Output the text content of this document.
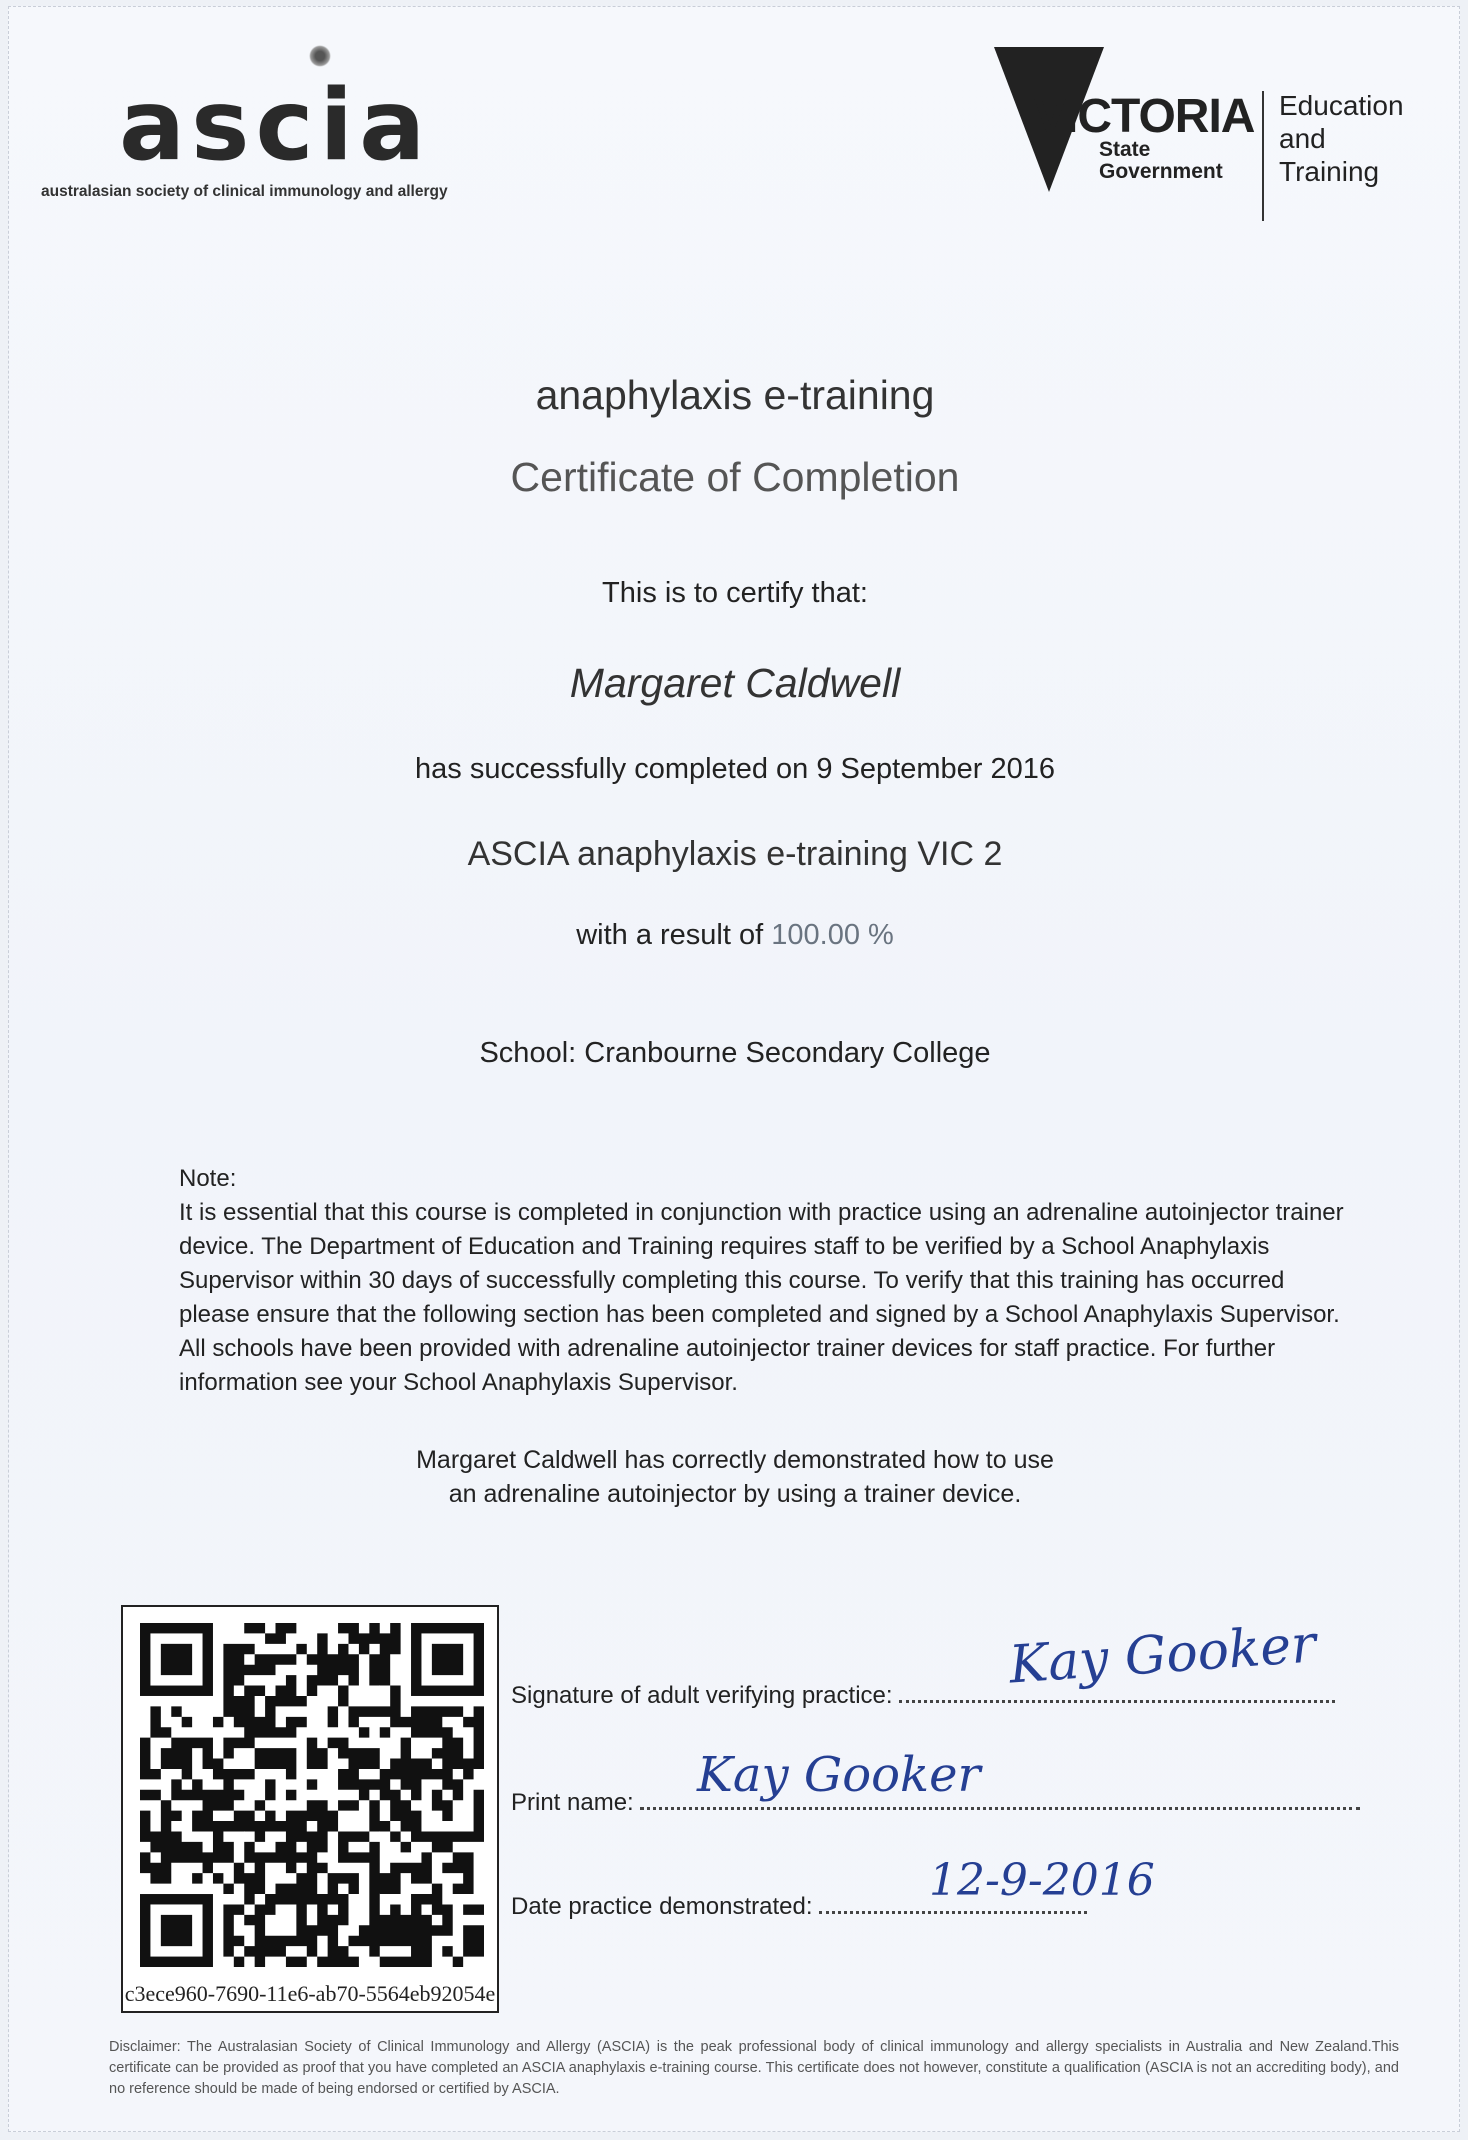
ascia
australasian society of clinical immunology and allergy
VICTORIA
State
Government
Education
and Training
anaphylaxis e-training
Certificate of Completion
This is to certify that:
Margaret Caldwell
has successfully completed on 9 September 2016
ASCIA anaphylaxis e-training VIC 2
with a result of 100.00 %
School: Cranbourne Secondary College
Note:
It is essential that this course is completed in conjunction with practice using an adrenaline autoinjector trainer device. The Department of Education and Training requires staff to be verified by a School Anaphylaxis Supervisor within 30 days of successfully completing this course. To verify that this training has occurred please ensure that the following section has been completed and signed by a School Anaphylaxis Supervisor. All schools have been provided with adrenaline autoinjector trainer devices for staff practice. For further information see your School Anaphylaxis Supervisor.
Margaret Caldwell has correctly demonstrated how to use
an adrenaline autoinjector by using a trainer device.
c3ece960-7690-11e6-ab70-5564eb92054e
Signature of adult verifying practice:	Kay Gooker
Print name:	Kay Gooker
Date practice demonstrated:
12-9-2016
Disclaimer: The Australasian Society of Clinical Immunology and Allergy (ASCIA) is the peak professional body of clinical immunology and allergy specialists in Australia and New Zealand.This certificate can be provided as proof that you have completed an ASCIA anaphylaxis e-training course. This certificate does not however, constitute a qualification (ASCIA is not an accrediting body), and no reference should be made of being endorsed or certified by ASCIA.
